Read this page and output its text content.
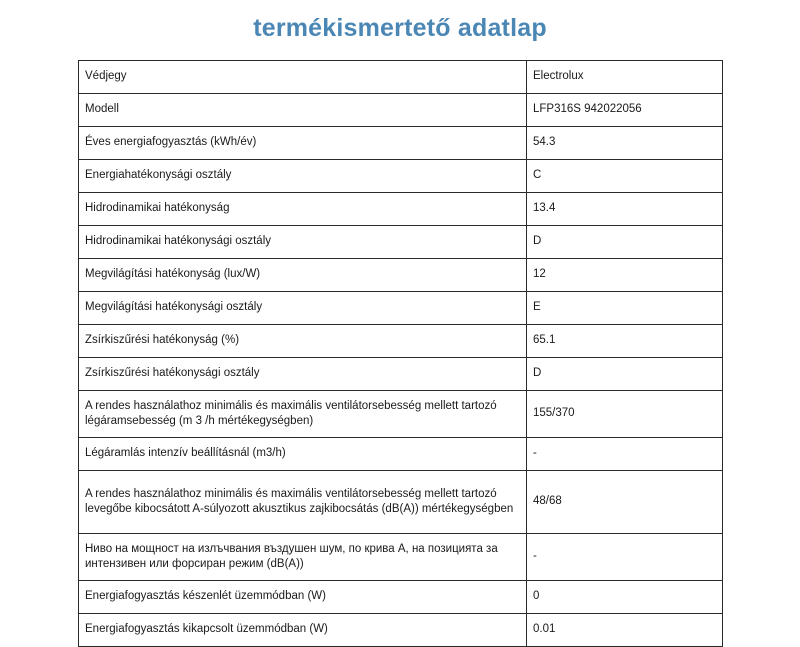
termékismertető adatlap
Védjegy	Electrolux
Modell	LFP316S 942022056
Éves energiafogyasztás (kWh/év)	54.3
Energiahatékonysági osztály	C
Hidrodinamikai hatékonyság	13.4
Hidrodinamikai hatékonysági osztály	D
Megvilágítási hatékonyság (lux/W)	12
Megvilágítási hatékonysági osztály	E
Zsírkiszűrési hatékonyság (%)	65.1
Zsírkiszűrési hatékonysági osztály	D
A rendes használathoz minimális és maximális ventilátorsebesség mellett tartozó légáramsebesség (m 3 /h mértékegységben)	155/370
Légáramlás intenzív beállításnál (m3/h)	-
A rendes használathoz minimális és maximális ventilátorsebesség mellett tartozó levegőbe kibocsátott A-súlyozott akusztikus zajkibocsátás (dB(A)) mértékegységben	48/68
Ниво на мощност на излъчвания въздушен шум, по крива А, на позицията за интензивен или форсиран режим (dB(A))	-
Energiafogyasztás készenlét üzemmódban (W)	0
Energiafogyasztás kikapcsolt üzemmódban (W)	0.01
